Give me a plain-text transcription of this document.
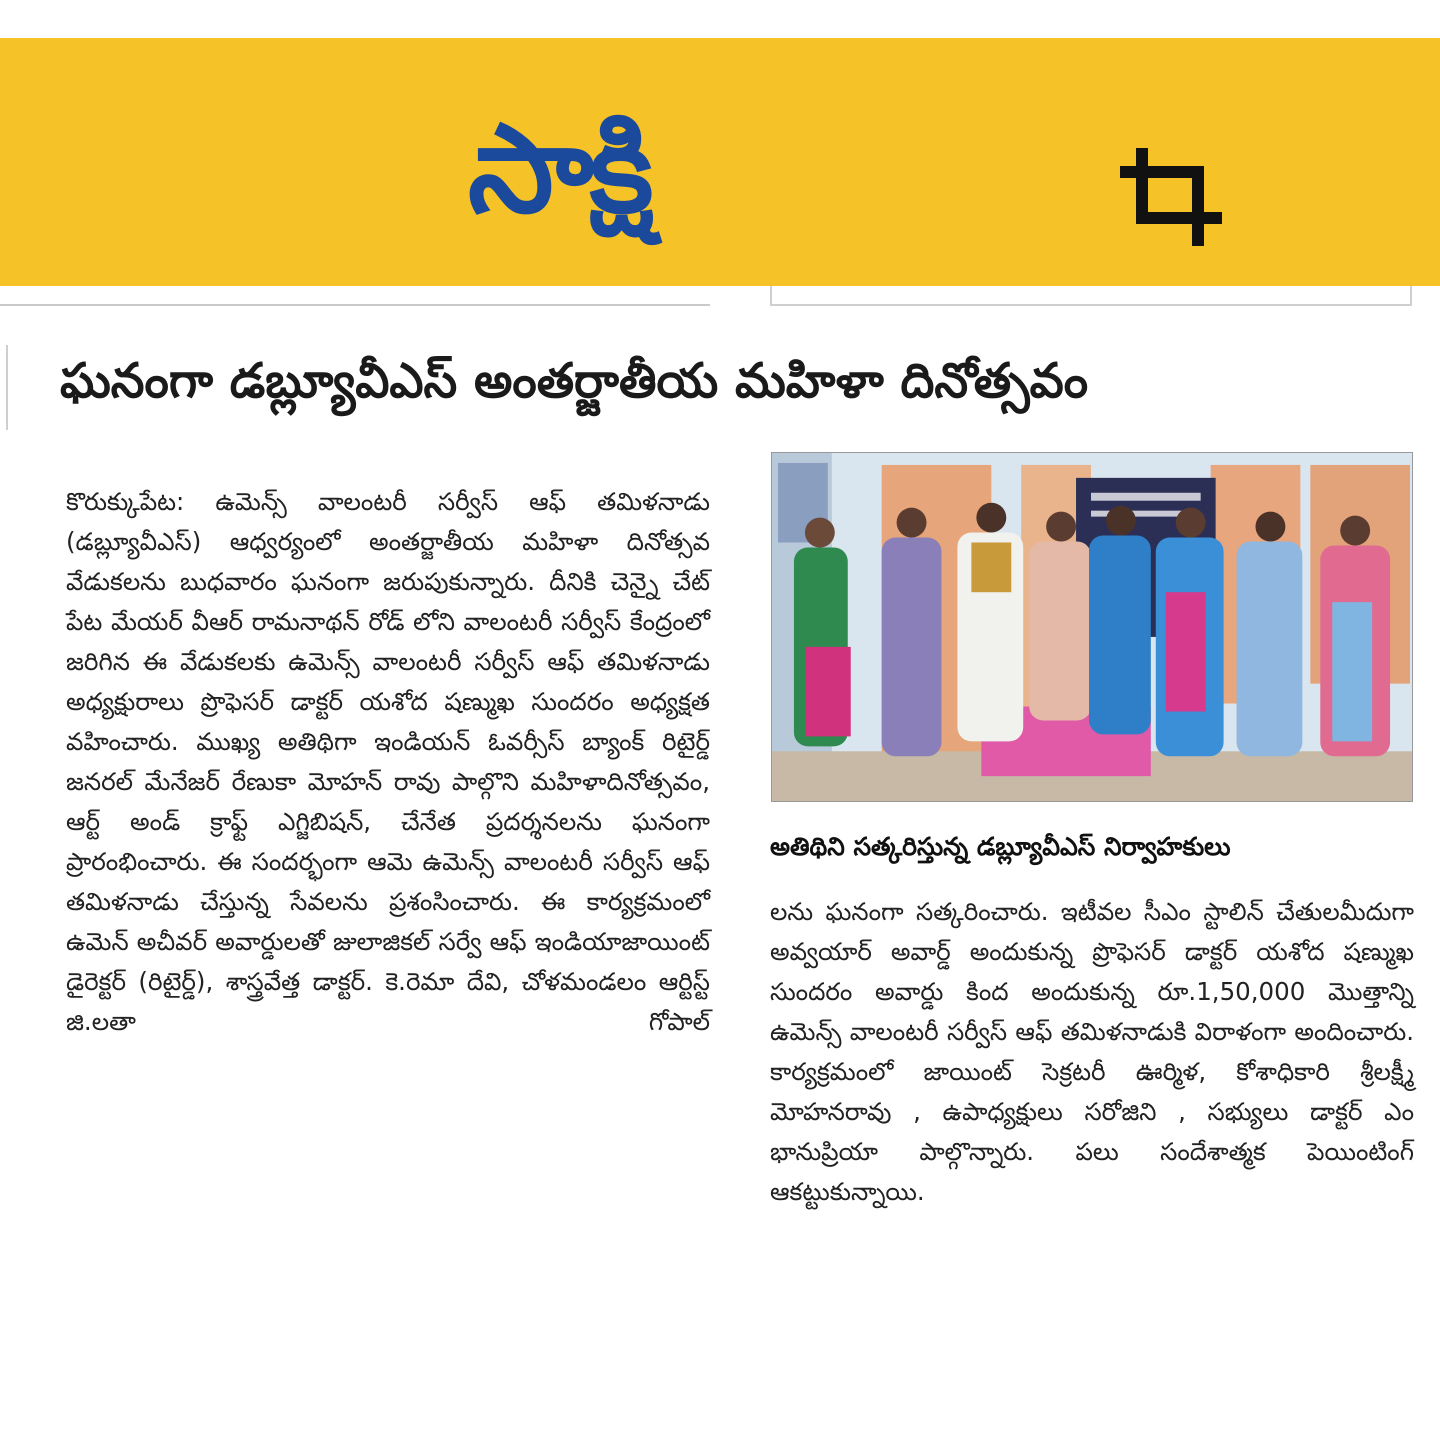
సాక్షి
ఘనంగా డబ్ల్యూవీఎస్ అంతర్జాతీయ మహిళా దినోత్సవం
కొరుక్కుపేట: ఉమెన్స్ వాలంటరీ సర్వీస్ ఆఫ్ తమిళనాడు (డబ్ల్యూవీఎస్) ఆధ్వర్యంలో అంతర్జాతీయ మహిళా దినోత్సవ వేడుకలను బుధవారం ఘనంగా జరుపుకున్నారు. దీనికి చెన్నై చేట్ పేట మేయర్ వీఆర్ రామనాథన్ రోడ్ లోని వాలంటరీ సర్వీస్ కేంద్రంలో జరిగిన ఈ వేడుకలకు ఉమెన్స్ వాలంటరీ సర్వీస్ ఆఫ్ తమిళనాడు అధ్యక్షురాలు ప్రొఫెసర్ డాక్టర్ యశోద షణ్ముఖ సుందరం అధ్యక్షత వహించారు. ముఖ్య అతిథిగా ఇండియన్ ఓవర్సీస్ బ్యాంక్ రిటైర్డ్ జనరల్ మేనేజర్ రేణుకా మోహన్ రావు పాల్గొని మహిళాదినోత్సవం, ఆర్ట్ అండ్ క్రాఫ్ట్ ఎగ్జిబిషన్, చేనేత ప్రదర్శనలను ఘనంగా ప్రారంభించారు. ఈ సందర్భంగా ఆమె ఉమెన్స్ వాలంటరీ సర్వీస్ ఆఫ్ తమిళనాడు చేస్తున్న సేవలను ప్రశంసించారు. ఈ కార్యక్రమంలో ఉమెన్ అచీవర్ అవార్డులతో జులాజికల్ సర్వే ఆఫ్ ఇండియాజాయింట్ డైరెక్టర్ (రిటైర్డ్), శాస్త్రవేత్త డాక్టర్. కె.రెమా దేవి, చోళమండలం ఆర్టిస్ట్ జి.లతా గోపాల్
అతిథిని సత్కరిస్తున్న డబ్ల్యూవీఎస్ నిర్వాహకులు
లను ఘనంగా సత్కరించారు. ఇటీవల సీఎం స్టాలిన్ చేతులమీదుగా అవ్వయార్ అవార్డ్ అందుకున్న ప్రొఫెసర్ డాక్టర్ యశోద షణ్ముఖ సుందరం అవార్డు కింద అందుకున్న రూ.1,50,000 మొత్తాన్ని ఉమెన్స్ వాలంటరీ సర్వీస్ ఆఫ్ తమిళనాడుకి విరాళంగా అందించారు. కార్యక్రమంలో జాయింట్ సెక్రటరీ ఊర్మిళ, కోశాధికారి శ్రీలక్ష్మీ మోహనరావు , ఉపాధ్యక్షులు సరోజిని , సభ్యులు డాక్టర్ ఎం భానుప్రియా పాల్గొన్నారు. పలు సందేశాత్మక పెయింటింగ్ ఆకట్టుకున్నాయి.
